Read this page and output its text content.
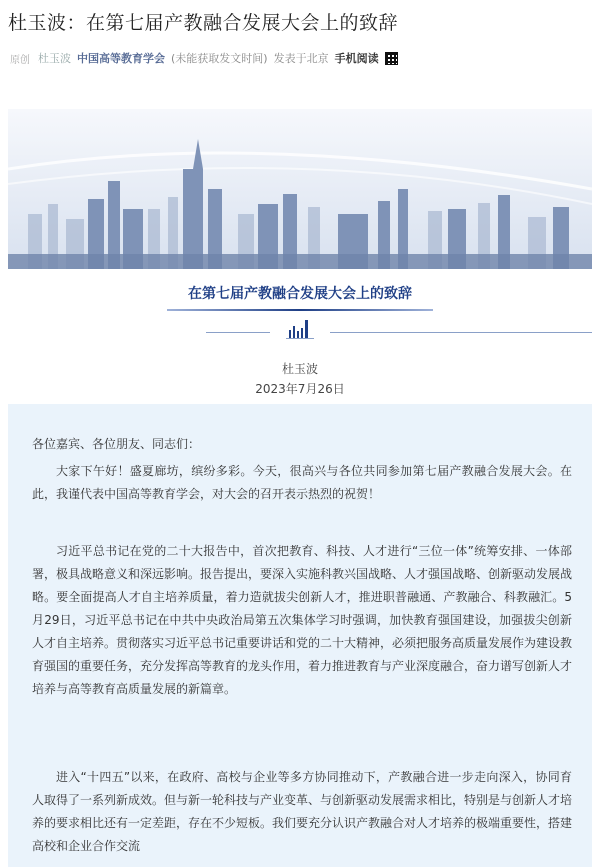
杜玉波：在第七届产教融合发展大会上的致辞
原创 杜玉波 中国高等教育学会 (未能获取发文时间) 发表于北京 手机阅读
在第七届产教融合发展大会上的致辞
杜玉波
2023年7月26日
各位嘉宾、各位朋友、同志们：

大家下午好！盛夏廊坊，缤纷多彩。今天，很高兴与各位共同参加第七届产教融合发展大会。在此，我谨代表中国高等教育学会，对大会的召开表示热烈的祝贺！

习近平总书记在党的二十大报告中，首次把教育、科技、人才进行“三位一体”统筹安排、一体部署，极具战略意义和深远影响。报告提出，要深入实施科教兴国战略、人才强国战略、创新驱动发展战略。要全面提高人才自主培养质量，着力造就拔尖创新人才，推进职普融通、产教融合、科教融汇。5月29日，习近平总书记在中共中央政治局第五次集体学习时强调，加快教育强国建设，加强拔尖创新人才自主培养。贯彻落实习近平总书记重要讲话和党的二十大精神，必须把服务高质量发展作为建设教育强国的重要任务，充分发挥高等教育的龙头作用，着力推进教育与产业深度融合，奋力谱写创新人才培养与高等教育高质量发展的新篇章。

进入“十四五”以来，在政府、高校与企业等多方协同推动下，产教融合进一步走向深入，协同育人取得了一系列新成效。但与新一轮科技与产业变革、与创新驱动发展需求相比，特别是与创新人才培养的要求相比还有一定差距，存在不少短板。我们要充分认识产教融合对人才培养的极端重要性，搭建高校和企业合作交流
